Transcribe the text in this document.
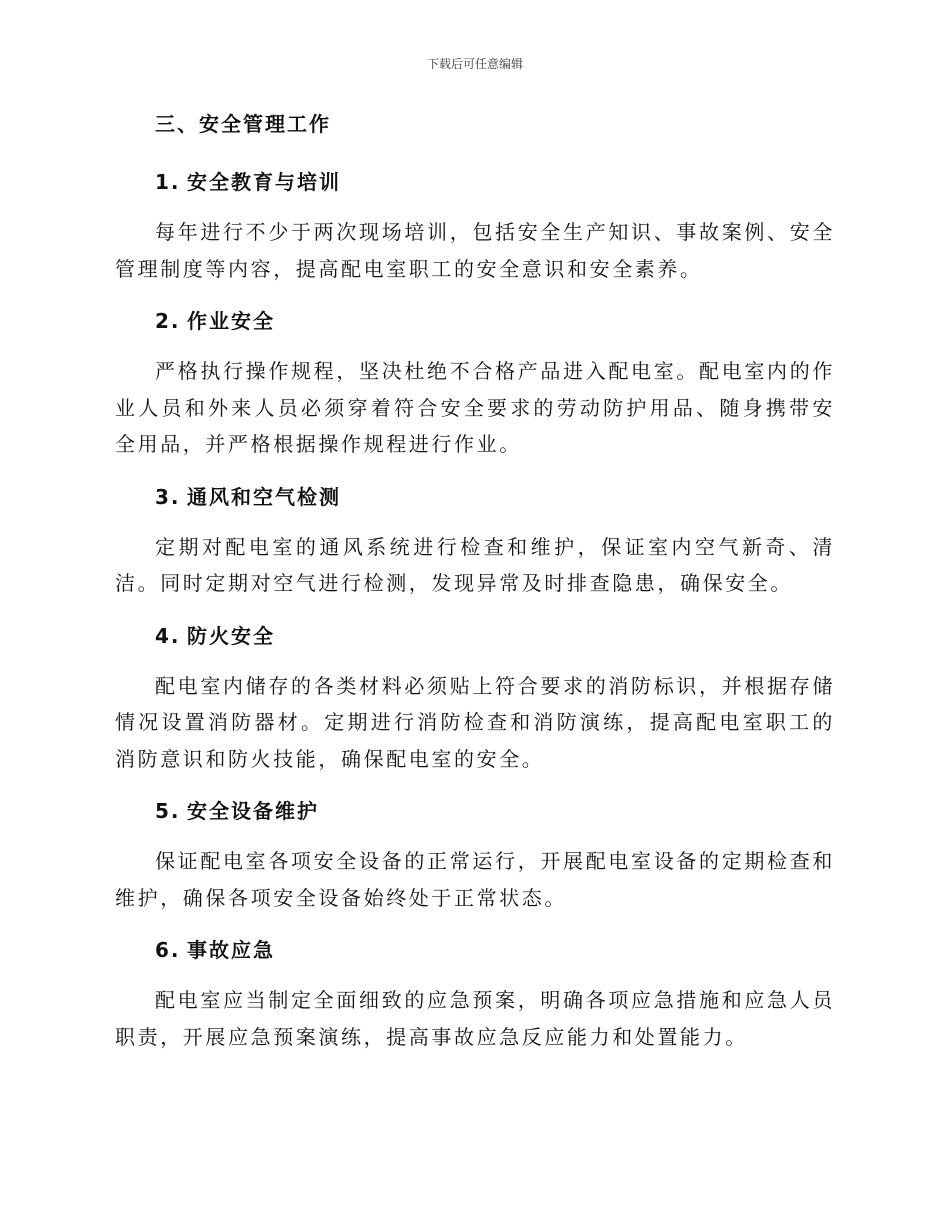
下载后可任意编辑
三、安全管理工作
1. 安全教育与培训

每年进行不少于两次现场培训，包括安全生产知识、事故案例、安全管理制度等内容，提高配电室职工的安全意识和安全素养。

2. 作业安全

严格执行操作规程，坚决杜绝不合格产品进入配电室。配电室内的作业人员和外来人员必须穿着符合安全要求的劳动防护用品、随身携带安全用品，并严格根据操作规程进行作业。

3. 通风和空气检测

定期对配电室的通风系统进行检查和维护，保证室内空气新奇、清洁。同时定期对空气进行检测，发现异常及时排查隐患，确保安全。

4. 防火安全

配电室内储存的各类材料必须贴上符合要求的消防标识，并根据存储情况设置消防器材。定期进行消防检查和消防演练，提高配电室职工的消防意识和防火技能，确保配电室的安全。

5. 安全设备维护

保证配电室各项安全设备的正常运行，开展配电室设备的定期检查和维护，确保各项安全设备始终处于正常状态。

6. 事故应急

配电室应当制定全面细致的应急预案，明确各项应急措施和应急人员职责，开展应急预案演练，提高事故应急反应能力和处置能力。
